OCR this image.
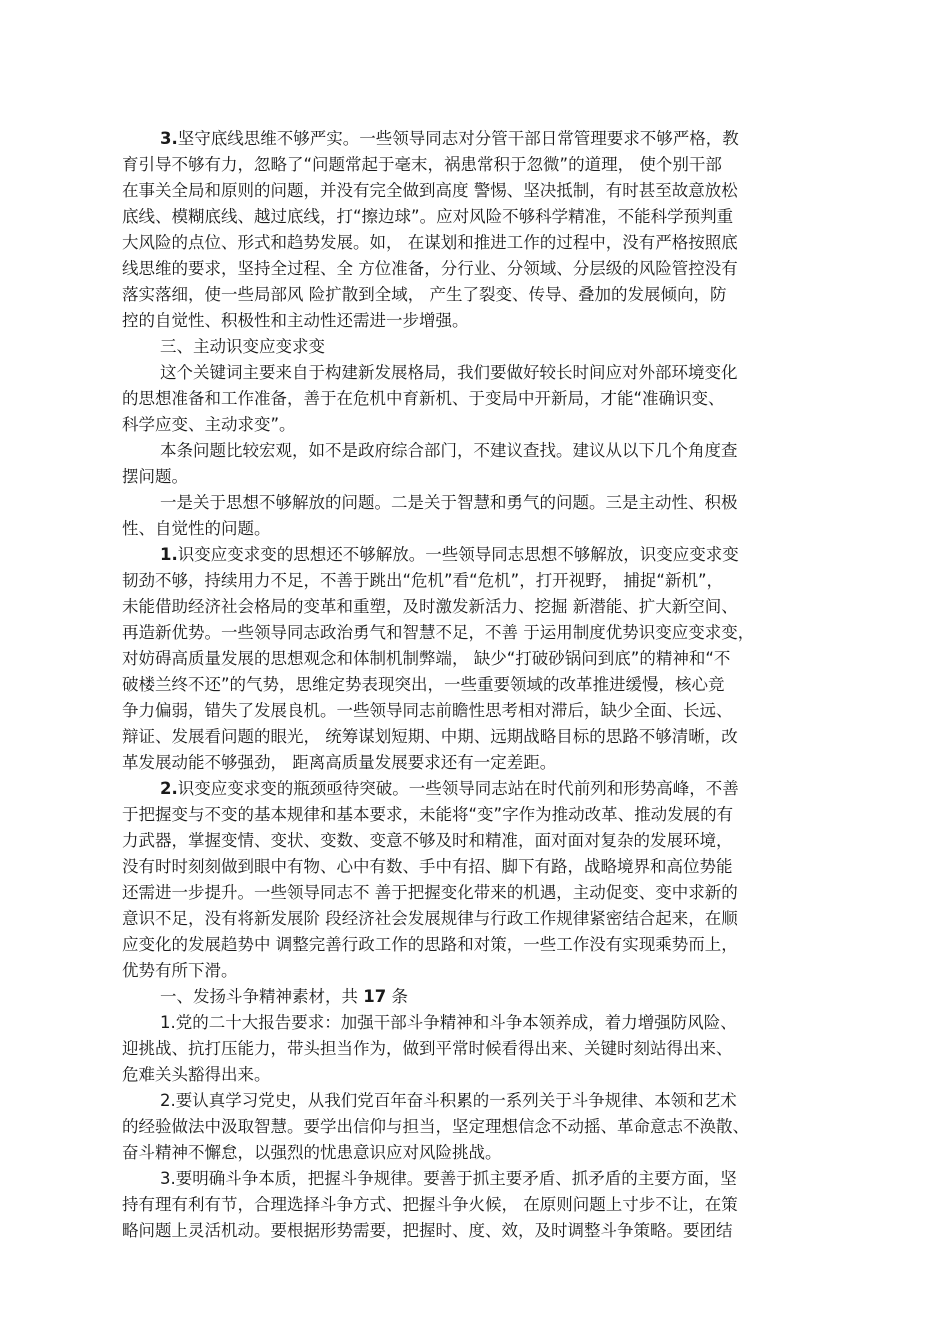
3.坚守底线思维不够严实。一些领导同志对分管干部日常管理要求不够严格，教
育引导不够有力，忽略了“问题常起于毫末，祸患常积于忽微”的道理， 使个别干部
在事关全局和原则的问题，并没有完全做到高度 警惕、坚决抵制，有时甚至故意放松
底线、模糊底线、越过底线，打“擦边球”。应对风险不够科学精准，不能科学预判重
大风险的点位、形式和趋势发展。如， 在谋划和推进工作的过程中，没有严格按照底
线思维的要求，坚持全过程、全 方位准备，分行业、分领域、分层级的风险管控没有
落实落细，使一些局部风 险扩散到全域， 产生了裂变、传导、叠加的发展倾向，防
控的自觉性、积极性和主动性还需进一步增强。
三、主动识变应变求变
这个关键词主要来自于构建新发展格局，我们要做好较长时间应对外部环境变化
的思想准备和工作准备，善于在危机中育新机、于变局中开新局，才能“准确识变、
科学应变、主动求变”。
本条问题比较宏观，如不是政府综合部门，不建议查找。建议从以下几个角度查
摆问题。
一是关于思想不够解放的问题。二是关于智慧和勇气的问题。三是主动性、积极
性、自觉性的问题。
1.识变应变求变的思想还不够解放。一些领导同志思想不够解放，识变应变求变
韧劲不够，持续用力不足，不善于跳出“危机”看“危机”，打开视野， 捕捉“新机”，
未能借助经济社会格局的变革和重塑，及时激发新活力、挖掘 新潜能、扩大新空间、
再造新优势。一些领导同志政治勇气和智慧不足，不善 于运用制度优势识变应变求变，
对妨碍高质量发展的思想观念和体制机制弊端， 缺少“打破砂锅问到底”的精神和“不
破楼兰终不还”的气势，思维定势表现突出，一些重要领域的改革推进缓慢，核心竞
争力偏弱，错失了发展良机。一些领导同志前瞻性思考相对滞后，缺少全面、长远、
辩证、发展看问题的眼光， 统筹谋划短期、中期、远期战略目标的思路不够清晰，改
革发展动能不够强劲， 距离高质量发展要求还有一定差距。
2.识变应变求变的瓶颈亟待突破。一些领导同志站在时代前列和形势高峰，不善
于把握变与不变的基本规律和基本要求，未能将“变”字作为推动改革、推动发展的有
力武器，掌握变情、变状、变数、变意不够及时和精准，面对面对复杂的发展环境，
没有时时刻刻做到眼中有物、心中有数、手中有招、脚下有路，战略境界和高位势能
还需进一步提升。一些领导同志不 善于把握变化带来的机遇，主动促变、变中求新的
意识不足，没有将新发展阶 段经济社会发展规律与行政工作规律紧密结合起来，在顺
应变化的发展趋势中 调整完善行政工作的思路和对策，一些工作没有实现乘势而上，
优势有所下滑。
一、发扬斗争精神素材，共 17 条
1.党的二十大报告要求：加强干部斗争精神和斗争本领养成，着力增强防风险、
迎挑战、抗打压能力，带头担当作为，做到平常时候看得出来、关键时刻站得出来、
危难关头豁得出来。
2.要认真学习党史，从我们党百年奋斗积累的一系列关于斗争规律、本领和艺术
的经验做法中汲取智慧。要学出信仰与担当，坚定理想信念不动摇、革命意志不涣散、
奋斗精神不懈怠，以强烈的忧患意识应对风险挑战。
3.要明确斗争本质，把握斗争规律。要善于抓主要矛盾、抓矛盾的主要方面，坚
持有理有利有节，合理选择斗争方式、把握斗争火候， 在原则问题上寸步不让，在策
略问题上灵活机动。要根据形势需要，把握时、度、效，及时调整斗争策略。要团结
